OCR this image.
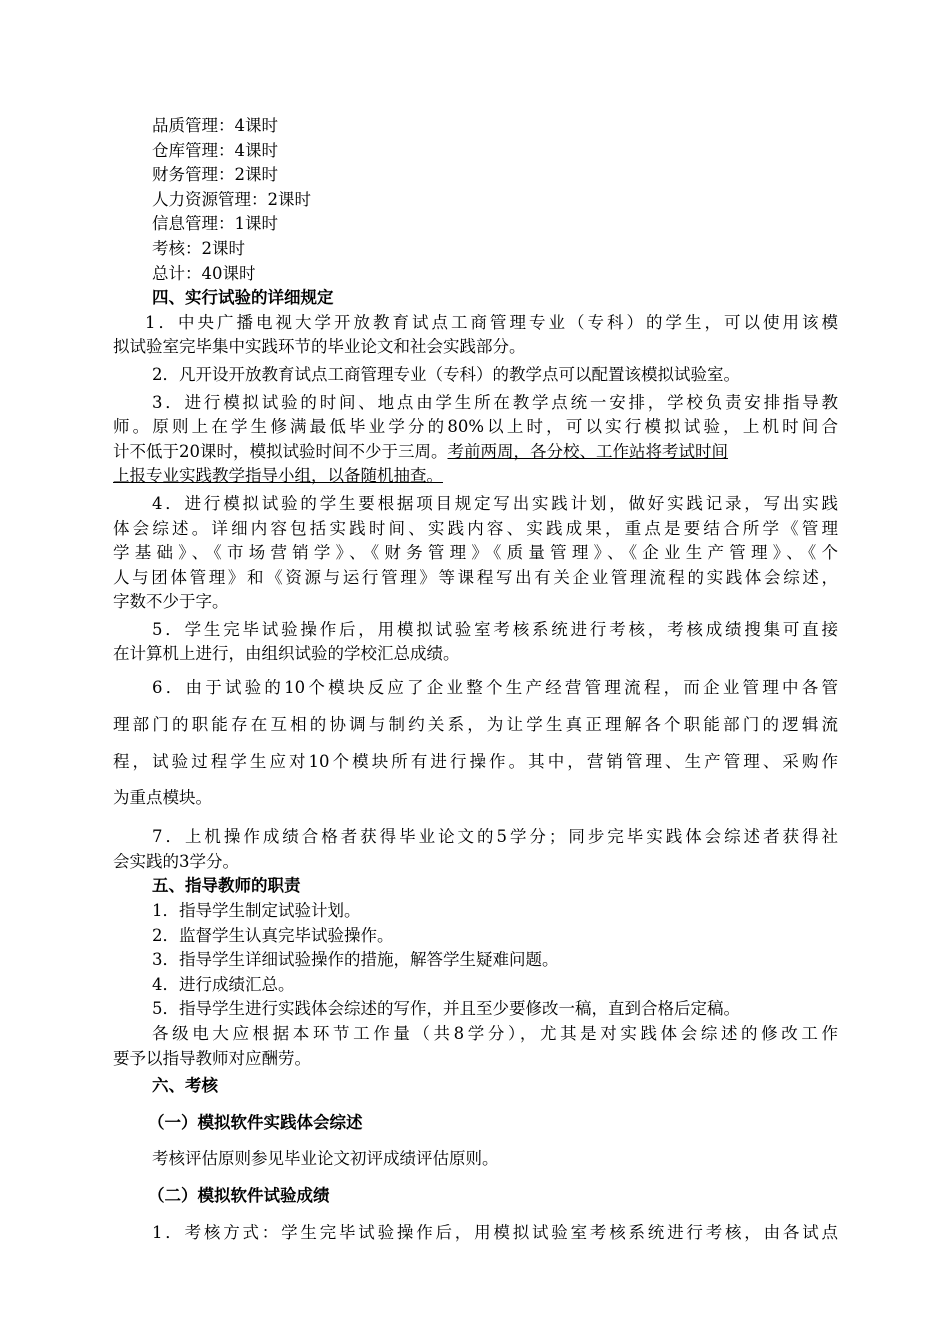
品质管理：4课时
仓库管理：4课时
财务管理：2课时
人力资源管理：2课时
信息管理：1课时
考核：2课时
总计：40课时
四、实行试验的详细规定
1．中央广播电视大学开放教育试点工商管理专业（专科）的学生，可以使用该模
拟试验室完毕集中实践环节的毕业论文和社会实践部分。
2．凡开设开放教育试点工商管理专业（专科）的教学点可以配置该模拟试验室。
3．进行模拟试验的时间、地点由学生所在教学点统一安排，学校负责安排指导教
师。原则上在学生修满最低毕业学分的80%以上时，可以实行模拟试验，上机时间合
计不低于20课时，模拟试验时间不少于三周。考前两周，各分校、工作站将考试时间
上报专业实践教学指导小组，以备随机抽查。
4．进行模拟试验的学生要根据项目规定写出实践计划，做好实践记录，写出实践
体会综述。详细内容包括实践时间、实践内容、实践成果，重点是要结合所学《管理
学基础》、《市场营销学》、《财务管理》《质量管理》、《企业生产管理》、《个
人与团体管理》和《资源与运行管理》等课程写出有关企业管理流程的实践体会综述，
字数不少于字。
5．学生完毕试验操作后，用模拟试验室考核系统进行考核，考核成绩搜集可直接
在计算机上进行，由组织试验的学校汇总成绩。
6．由于试验的10个模块反应了企业整个生产经营管理流程，而企业管理中各管
理部门的职能存在互相的协调与制约关系，为让学生真正理解各个职能部门的逻辑流
程，试验过程学生应对10个模块所有进行操作。其中，营销管理、生产管理、采购作
为重点模块。
7．上机操作成绩合格者获得毕业论文的5学分；同步完毕实践体会综述者获得社
会实践的3学分。
五、指导教师的职责
1．指导学生制定试验计划。
2．监督学生认真完毕试验操作。
3．指导学生详细试验操作的措施，解答学生疑难问题。
4．进行成绩汇总。
5．指导学生进行实践体会综述的写作，并且至少要修改一稿，直到合格后定稿。
各级电大应根据本环节工作量（共8学分），尤其是对实践体会综述的修改工作
要予以指导教师对应酬劳。
六、考核
（一）模拟软件实践体会综述
考核评估原则参见毕业论文初评成绩评估原则。
（二）模拟软件试验成绩
1．考核方式：学生完毕试验操作后，用模拟试验室考核系统进行考核，由各试点
